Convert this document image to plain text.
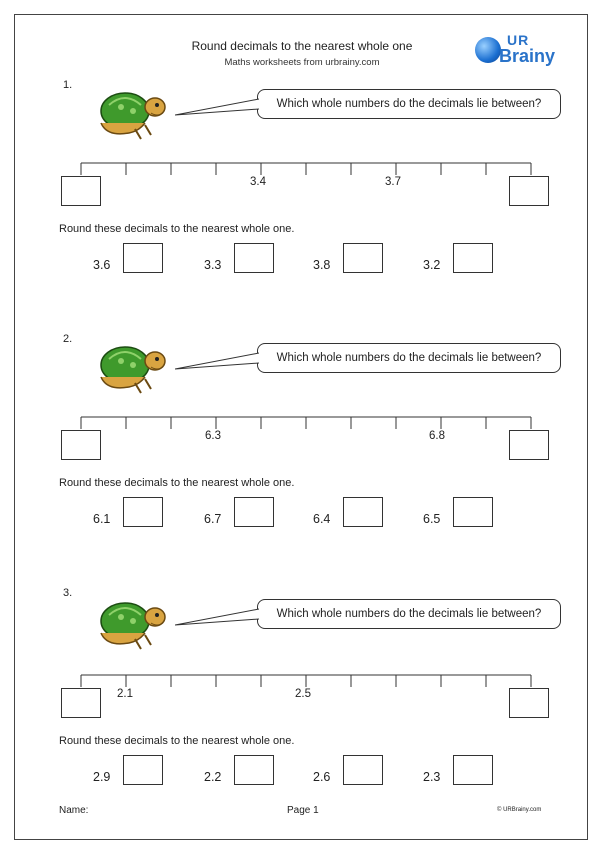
Round decimals to the nearest whole one
Maths worksheets from urbrainy.com
UR
Brainy
1.
Which whole numbers do the decimals lie between?
3.4	3.7
Round these decimals to the nearest whole one.
3.6	3.3	3.8	3.2
2.
Which whole numbers do the decimals lie between?
6.3	6.8
Round these decimals to the nearest whole one.
6.1	6.7	6.4	6.5
3.
Which whole numbers do the decimals lie between?
2.1	2.5
Round these decimals to the nearest whole one.
2.9	2.2	2.6	2.3
Name:	Page 1	© URBrainy.com
